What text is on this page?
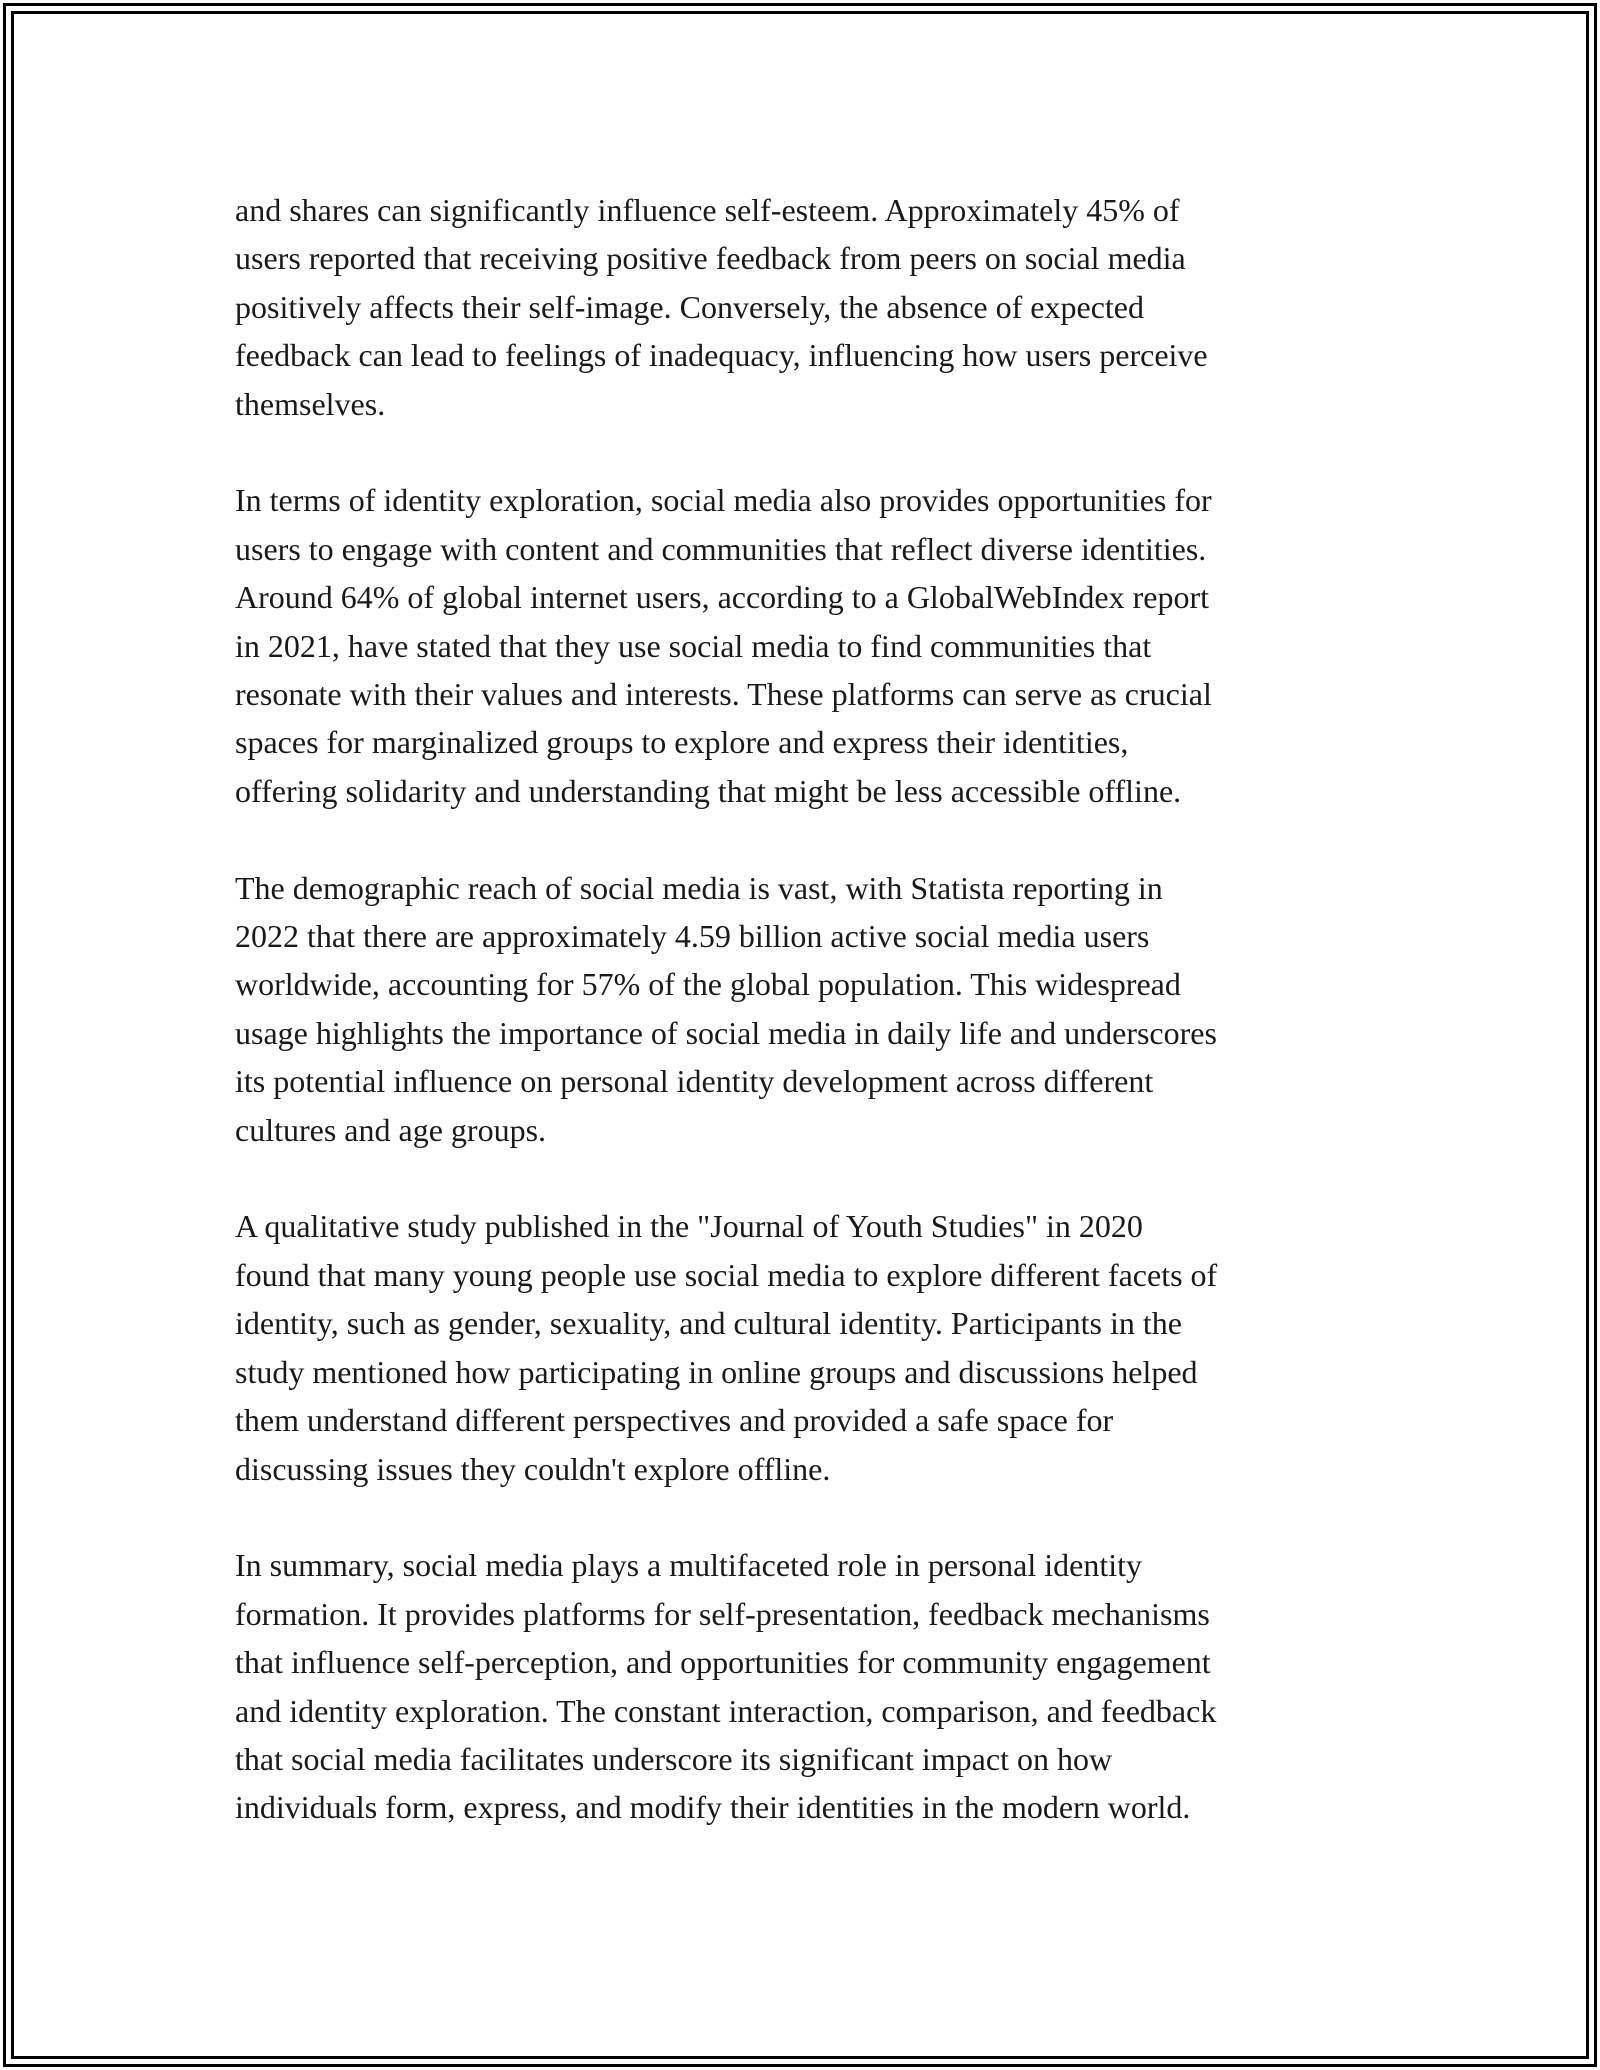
and shares can significantly influence self-esteem. Approximately 45% of
users reported that receiving positive feedback from peers on social media
positively affects their self-image. Conversely, the absence of expected
feedback can lead to feelings of inadequacy, influencing how users perceive
themselves.

In terms of identity exploration, social media also provides opportunities for
users to engage with content and communities that reflect diverse identities.
Around 64% of global internet users, according to a GlobalWebIndex report
in 2021, have stated that they use social media to find communities that
resonate with their values and interests. These platforms can serve as crucial
spaces for marginalized groups to explore and express their identities,
offering solidarity and understanding that might be less accessible offline.

The demographic reach of social media is vast, with Statista reporting in
2022 that there are approximately 4.59 billion active social media users
worldwide, accounting for 57% of the global population. This widespread
usage highlights the importance of social media in daily life and underscores
its potential influence on personal identity development across different
cultures and age groups.

A qualitative study published in the "Journal of Youth Studies" in 2020
found that many young people use social media to explore different facets of
identity, such as gender, sexuality, and cultural identity. Participants in the
study mentioned how participating in online groups and discussions helped
them understand different perspectives and provided a safe space for
discussing issues they couldn't explore offline.

In summary, social media plays a multifaceted role in personal identity
formation. It provides platforms for self-presentation, feedback mechanisms
that influence self-perception, and opportunities for community engagement
and identity exploration. The constant interaction, comparison, and feedback
that social media facilitates underscore its significant impact on how
individuals form, express, and modify their identities in the modern world.
